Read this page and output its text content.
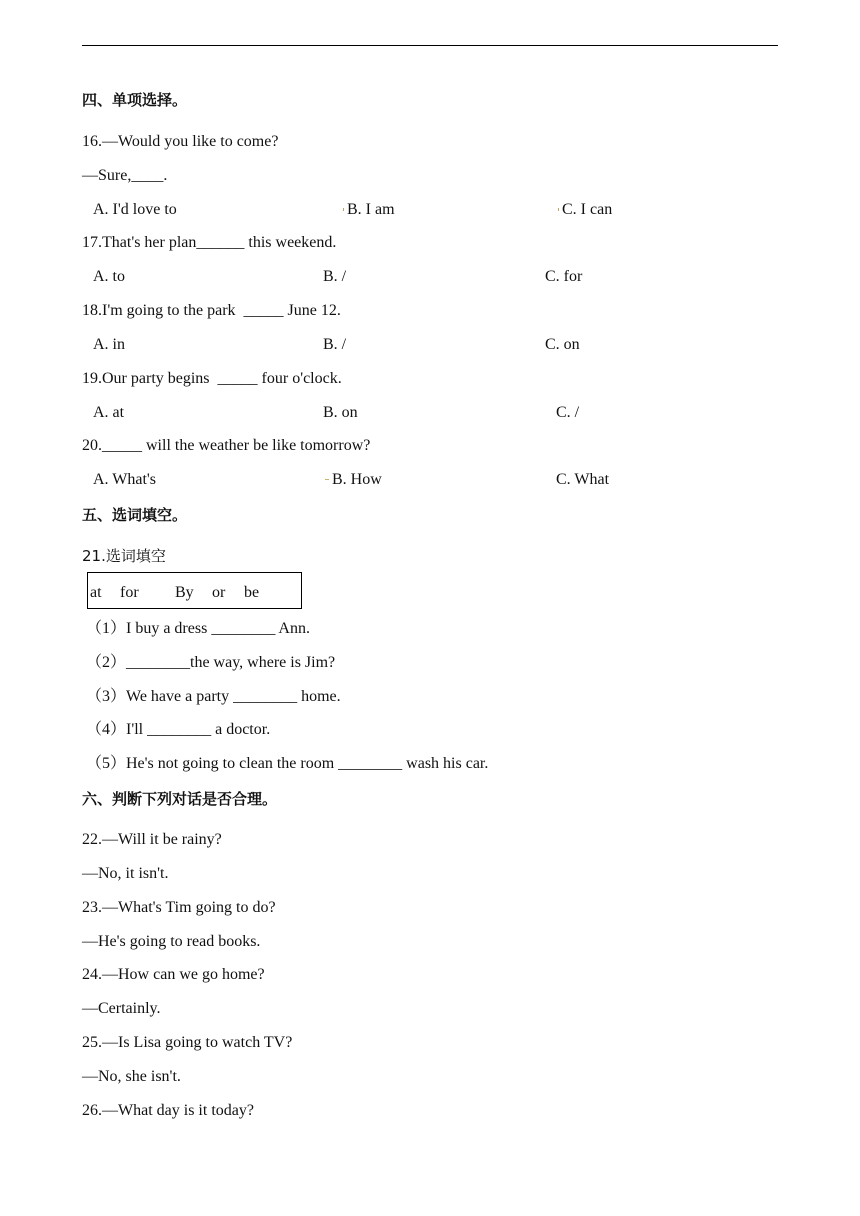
四、单项选择。
16.—Would you like to come?
—Sure,____.
A. I'd love to	B. I am	C. I can
17.That's her plan______ this weekend.
A. to	B. /	C. for
18.I'm going to the park  _____ June 12.
A. in	B. /	C. on
19.Our party begins  _____ four o'clock.
A. at	B. on	C. /
20._____ will the weather be like tomorrow?
A. What's	B. How	C. What
五、选词填空。
21.选词填空
at for By or be
（1）I buy a dress ________ Ann.
（2）________the way, where is Jim?
（3）We have a party ________ home.
（4）I'll ________ a doctor.
（5）He's not going to clean the room ________ wash his car.
六、判断下列对话是否合理。
22.—Will it be rainy?
—No, it isn't.
23.—What's Tim going to do?
—He's going to read books.
24.—How can we go home?
—Certainly.
25.—Is Lisa going to watch TV?
—No, she isn't.
26.—What day is it today?
